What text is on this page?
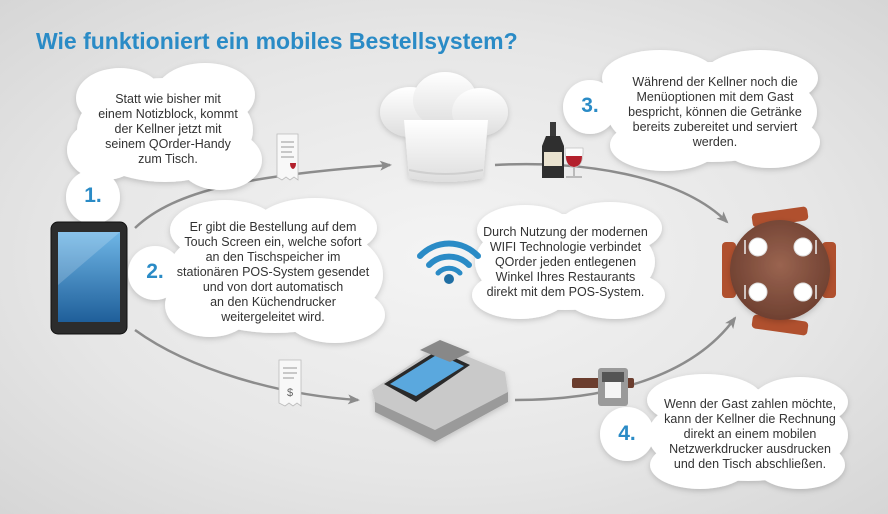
Wie funktioniert ein mobiles Bestellsystem?
$
1.
Statt wie bisher mit
einem Notizblock, kommt
der Kellner jetzt mit
seinem QOrder-Handy
zum Tisch.
2.
Er gibt die Bestellung auf dem
Touch Screen ein, welche sofort
an den Tischspeicher im
stationären POS-System gesendet
und von dort automatisch
an den Küchendrucker
weitergeleitet wird.
Durch Nutzung der modernen
WIFI Technologie verbindet
QOrder jeden entlegenen
Winkel Ihres Restaurants
direkt mit dem POS-System.
3.
Während der Kellner noch die
Menüoptionen mit dem Gast
bespricht, können die Getränke
bereits zubereitet und serviert
werden.
4.
Wenn der Gast zahlen möchte,
kann der Kellner die Rechnung
direkt an einem mobilen
Netzwerkdrucker ausdrucken
und den Tisch abschließen.
